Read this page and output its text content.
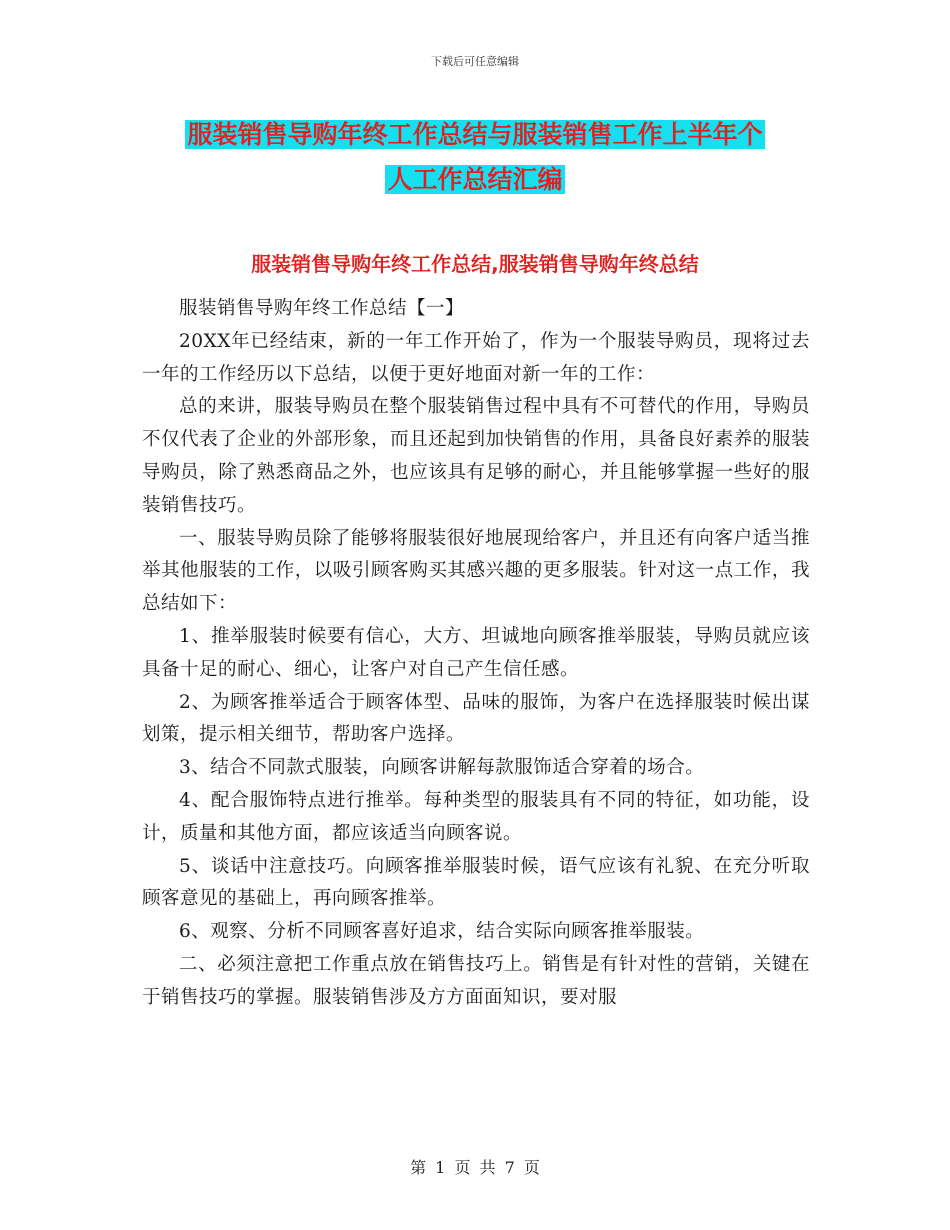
下载后可任意编辑
服装销售导购年终工作总结与服装销售工作上半年个
人工作总结汇编
服装销售导购年终工作总结,服装销售导购年终总结

服装销售导购年终工作总结【一】

20XX年已经结束，新的一年工作开始了，作为一个服装导购员，现将过去一年的工作经历以下总结，以便于更好地面对新一年的工作：

总的来讲，服装导购员在整个服装销售过程中具有不可替代的作用，导购员不仅代表了企业的外部形象，而且还起到加快销售的作用，具备良好素养的服装导购员，除了熟悉商品之外，也应该具有足够的耐心，并且能够掌握一些好的服装销售技巧。

一、服装导购员除了能够将服装很好地展现给客户，并且还有向客户适当推举其他服装的工作，以吸引顾客购买其感兴趣的更多服装。针对这一点工作，我总结如下：

1、推举服装时候要有信心，大方、坦诚地向顾客推举服装，导购员就应该具备十足的耐心、细心，让客户对自己产生信任感。

2、为顾客推举适合于顾客体型、品味的服饰，为客户在选择服装时候出谋划策，提示相关细节，帮助客户选择。

3、结合不同款式服装，向顾客讲解每款服饰适合穿着的场合。

4、配合服饰特点进行推举。每种类型的服装具有不同的特征，如功能，设计，质量和其他方面，都应该适当向顾客说。

5、谈话中注意技巧。向顾客推举服装时候，语气应该有礼貌、在充分听取顾客意见的基础上，再向顾客推举。

6、观察、分析不同顾客喜好追求，结合实际向顾客推举服装。

二、必须注意把工作重点放在销售技巧上。销售是有针对性的营销，关键在于销售技巧的掌握。服装销售涉及方方面面知识，要对服

第 1 页 共 7 页
